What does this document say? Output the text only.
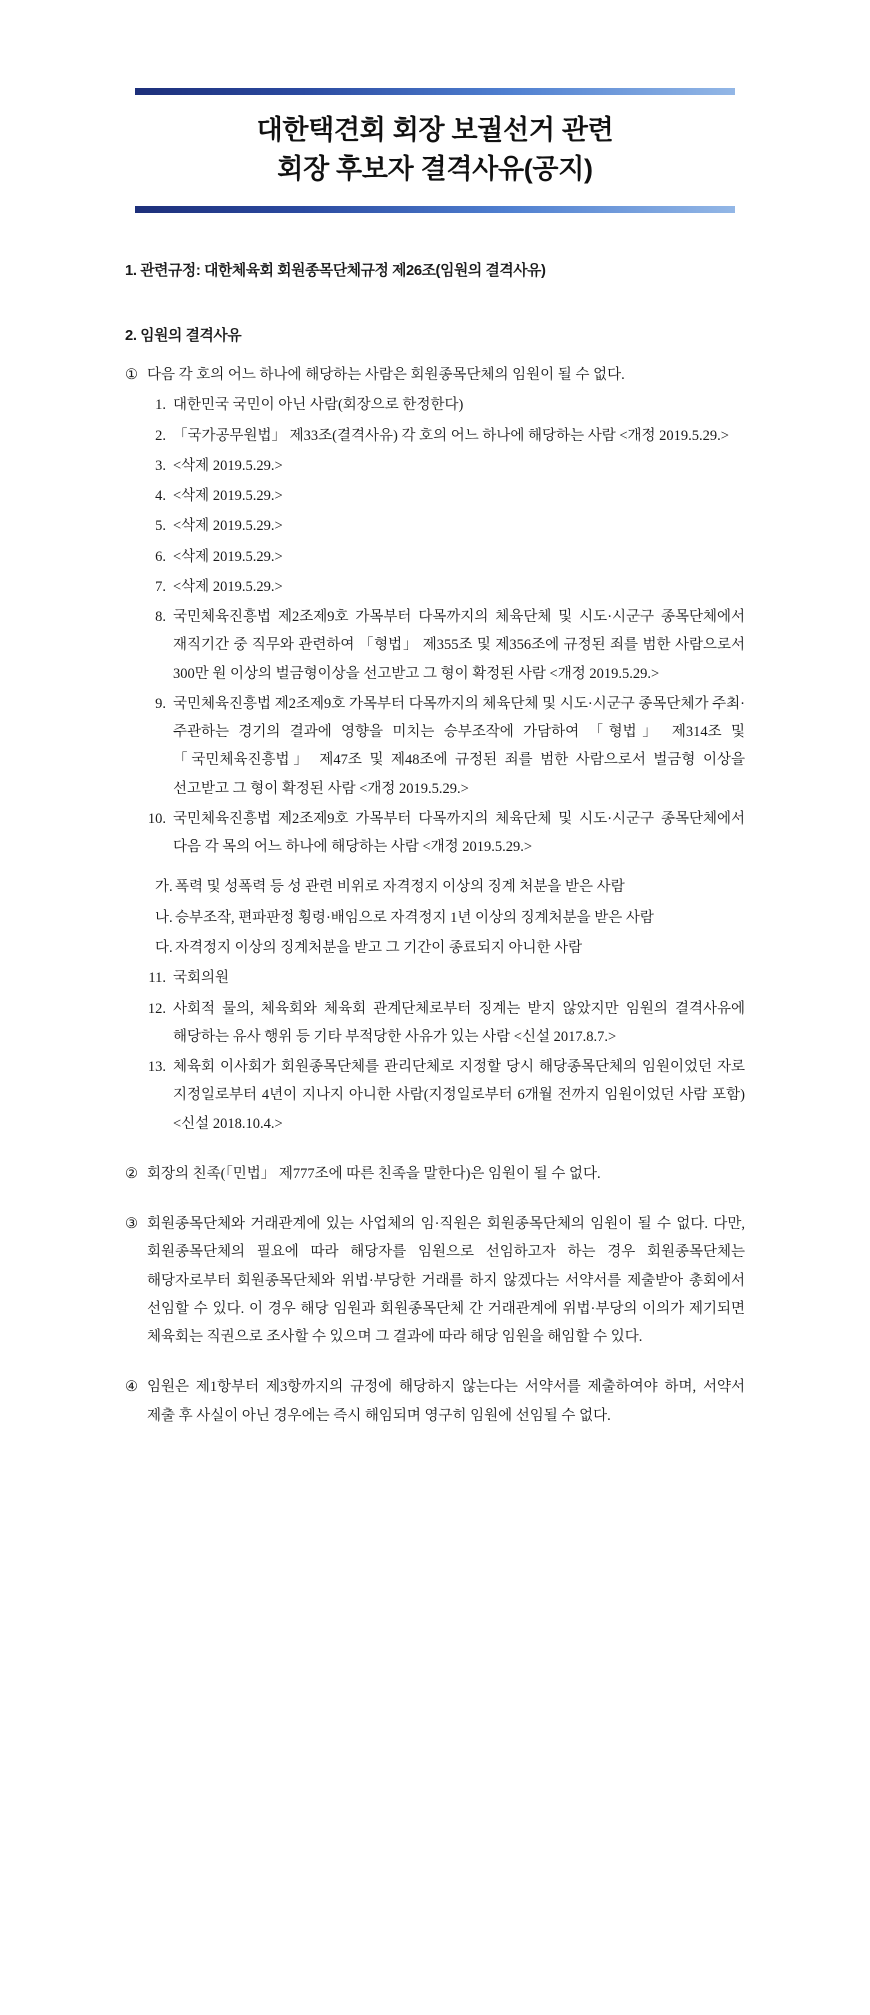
대한택견회 회장 보궐선거 관련
회장 후보자 결격사유(공지)
1. 관련규정: 대한체육회 회원종목단체규정 제26조(임원의 결격사유)
2. 임원의 결격사유
① 다음 각 호의 어느 하나에 해당하는 사람은 회원종목단체의 임원이 될 수 없다.
1. 대한민국 국민이 아닌 사람(회장으로 한정한다)
2. 「국가공무원법」 제33조(결격사유) 각 호의 어느 하나에 해당하는 사람 <개정 2019.5.29.>
3. <삭제 2019.5.29.>
4. <삭제 2019.5.29.>
5. <삭제 2019.5.29.>
6. <삭제 2019.5.29.>
7. <삭제 2019.5.29.>
8. 국민체육진흥법 제2조제9호 가목부터 다목까지의 체육단체 및 시도·시군구 종목단체에서 재직기간 중 직무와 관련하여 「형법」 제355조 및 제356조에 규정된 죄를 범한 사람으로서 300만 원 이상의 벌금형이상을 선고받고 그 형이 확정된 사람 <개정 2019.5.29.>
9. 국민체육진흥법 제2조제9호 가목부터 다목까지의 체육단체 및 시도·시군구 종목단체가 주최·주관하는 경기의 결과에 영향을 미치는 승부조작에 가담하여 「형법」 제314조 및 「국민체육진흥법」 제47조 및 제48조에 규정된 죄를 범한 사람으로서 벌금형 이상을 선고받고 그 형이 확정된 사람 <개정 2019.5.29.>
10. 국민체육진흥법 제2조제9호 가목부터 다목까지의 체육단체 및 시도·시군구 종목단체에서 다음 각 목의 어느 하나에 해당하는 사람 <개정 2019.5.29.>
가. 폭력 및 성폭력 등 성 관련 비위로 자격정지 이상의 징계 처분을 받은 사람
나. 승부조작, 편파판정 횡령·배임으로 자격정지 1년 이상의 징계처분을 받은 사람
다. 자격정지 이상의 징계처분을 받고 그 기간이 종료되지 아니한 사람
11. 국회의원
12. 사회적 물의, 체육회와 체육회 관계단체로부터 징계는 받지 않았지만 임원의 결격사유에 해당하는 유사 행위 등 기타 부적당한 사유가 있는 사람 <신설 2017.8.7.>
13. 체육회 이사회가 회원종목단체를 관리단체로 지정할 당시 해당종목단체의 임원이었던 자로 지정일로부터 4년이 지나지 아니한 사람(지정일로부터 6개월 전까지 임원이었던 사람 포함) <신설 2018.10.4.>
② 회장의 친족(「민법」 제777조에 따른 친족을 말한다)은 임원이 될 수 없다.
③ 회원종목단체와 거래관계에 있는 사업체의 임·직원은 회원종목단체의 임원이 될 수 없다. 다만, 회원종목단체의 필요에 따라 해당자를 임원으로 선임하고자 하는 경우 회원종목단체는 해당자로부터 회원종목단체와 위법·부당한 거래를 하지 않겠다는 서약서를 제출받아 총회에서 선임할 수 있다. 이 경우 해당 임원과 회원종목단체 간 거래관계에 위법·부당의 이의가 제기되면 체육회는 직권으로 조사할 수 있으며 그 결과에 따라 해당 임원을 해임할 수 있다.
④ 임원은 제1항부터 제3항까지의 규정에 해당하지 않는다는 서약서를 제출하여야 하며, 서약서 제출 후 사실이 아닌 경우에는 즉시 해임되며 영구히 임원에 선임될 수 없다.
